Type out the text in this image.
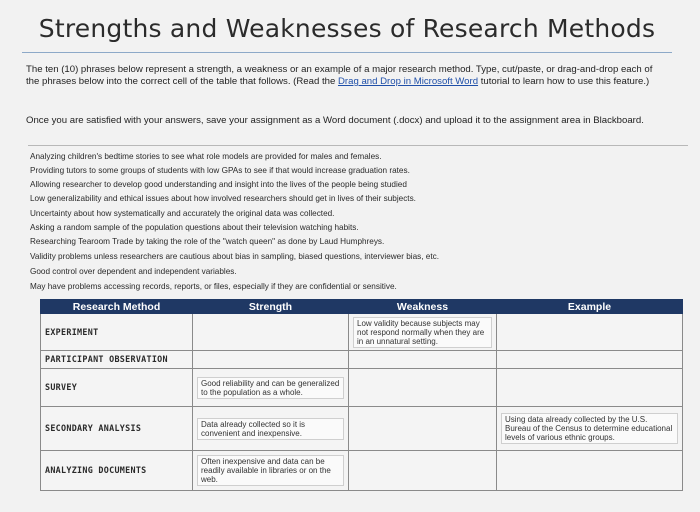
Strengths and Weaknesses of Research Methods
The ten (10) phrases below represent a strength, a weakness or an example of a major research method. Type, cut/paste, or drag-and-drop each of the phrases below into the correct cell of the table that follows. (Read the Drag and Drop in Microsoft Word tutorial to learn how to use this feature.)
Once you are satisfied with your answers, save your assignment as a Word document (.docx) and upload it to the assignment area in Blackboard.
Analyzing children's bedtime stories to see what role models are provided for males and females.
Providing tutors to some groups of students with low GPAs to see if that would increase graduation rates.
Allowing researcher to develop good understanding and insight into the lives of the people being studied
Low generalizability and ethical issues about how involved researchers should get in lives of their subjects.
Uncertainty about how systematically and accurately the original data was collected.
Asking a random sample of the population questions about their television watching habits.
Researching Tearoom Trade by taking the role of the "watch queen" as done by Laud Humphreys.
Validity problems unless researchers are cautious about bias in sampling, biased questions, interviewer bias, etc.
Good control over dependent and independent variables.
May have problems accessing records, reports, or files, especially if they are confidential or sensitive.
Research Method	Strength	Weakness	Example
EXPERIMENT		Low validity because subjects may not respond normally when they are in an unnatural setting.	
PARTICIPANT OBSERVATION			
SURVEY	Good reliability and can be generalized to the population as a whole.		
SECONDARY ANALYSIS	Data already collected so it is convenient and inexpensive.		Using data already collected by the U.S. Bureau of the Census to determine educational levels of various ethnic groups.
ANALYZING DOCUMENTS	Often inexpensive and data can be readily available in libraries or on the web.		
